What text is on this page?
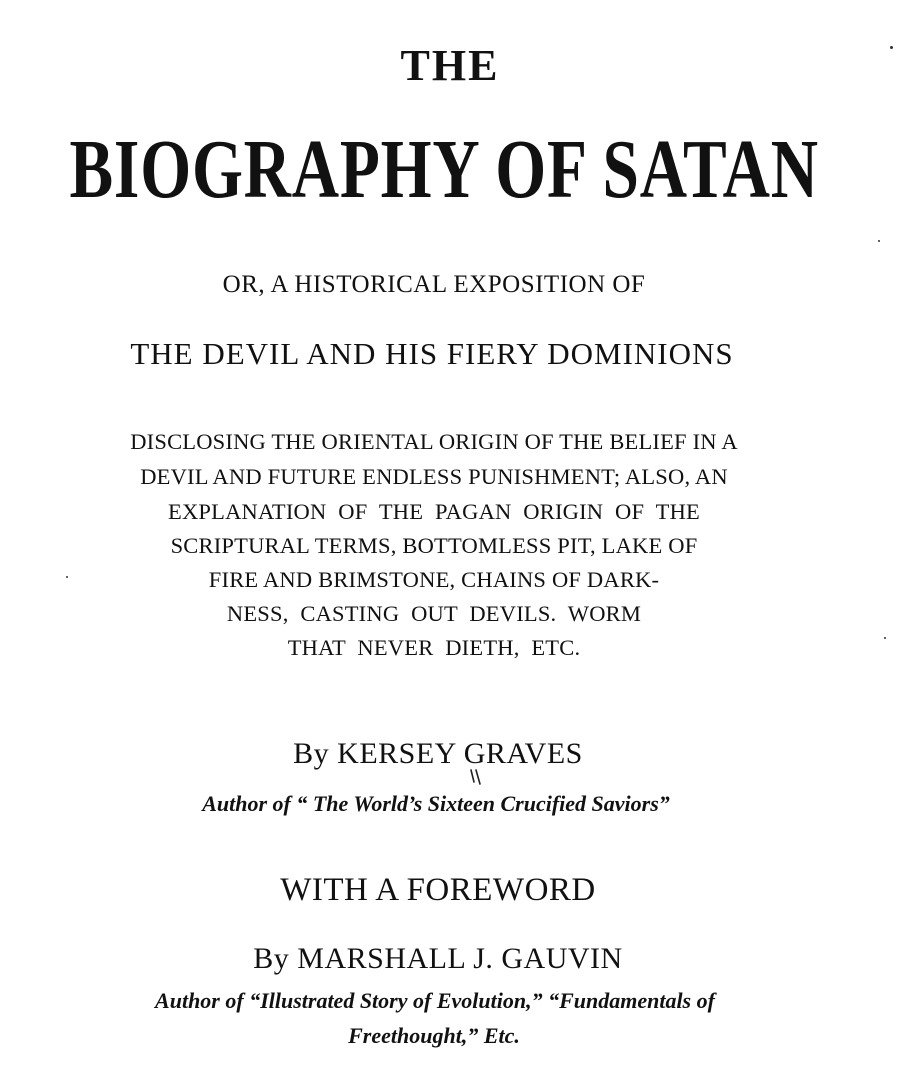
THE
BIOGRAPHY OF SATAN
OR, A HISTORICAL EXPOSITION OF
THE DEVIL AND HIS FIERY DOMINIONS
DISCLOSING THE ORIENTAL ORIGIN OF THE BELIEF IN A
DEVIL AND FUTURE ENDLESS PUNISHMENT; ALSO, AN
EXPLANATION OF THE PAGAN ORIGIN OF THE
SCRIPTURAL TERMS, BOTTOMLESS PIT, LAKE OF
FIRE AND BRIMSTONE, CHAINS OF DARK-
NESS, CASTING OUT DEVILS. WORM
THAT NEVER DIETH, ETC.
By KERSEY GRAVES
Author of “ The World’s Sixteen Crucified Saviors”
WITH A FOREWORD
By MARSHALL J. GAUVIN
Author of “Illustrated Story of Evolution,” “Fundamentals of
Freethought,” Etc.
